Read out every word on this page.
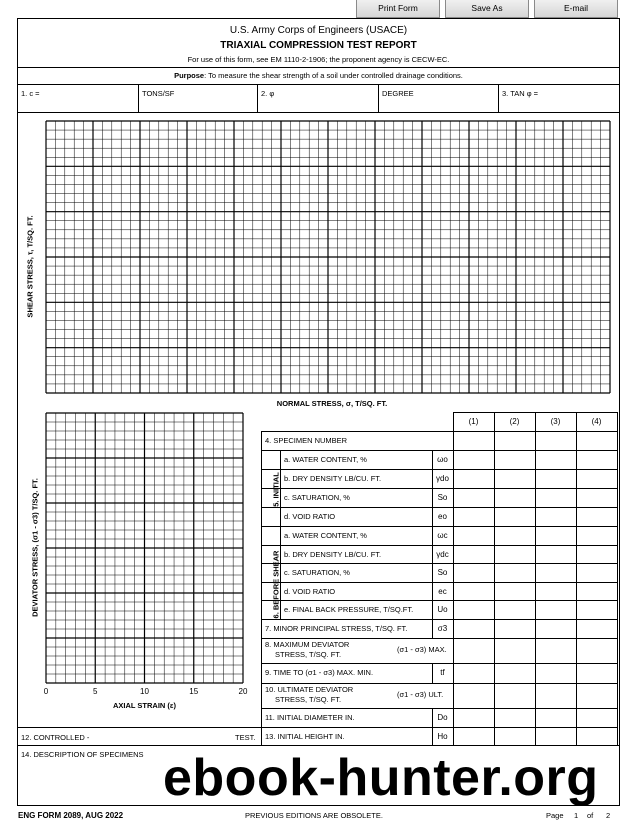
Print Form	Save As	E-mail
U.S. Army Corps of Engineers (USACE)
TRIAXIAL COMPRESSION TEST REPORT
For use of this form, see EM 1110-2-1906; the proponent agency is CECW-EC.
Purpose: To measure the shear strength of a soil under controlled drainage conditions.
1. c =	TONS/SF	2. φ	DEGREE	3. TAN φ =
SHEAR STRESS, τ, T/SQ. FT.
NORMAL STRESS, σ, T/SQ. FT.
DEVIATOR STRESS, (σ1 - σ3) T/SQ. FT.
0	5	10	15	20
AXIAL STRAIN (ε)
(1)	(2)	(3)	(4)
4. SPECIMEN NUMBER
5. INITIAL
6. BEFORE SHEAR
a. WATER CONTENT, %	ωo
b. DRY DENSITY LB/CU. FT.	γdo
c. SATURATION, %	So
d. VOID RATIO	eo
a. WATER CONTENT, %	ωc
b. DRY DENSITY LB/CU. FT.	γdc
c. SATURATION, %	So
d. VOID RATIO	ec
e. FINAL BACK PRESSURE, T/SQ.FT.	Uo
7. MINOR PRINCIPAL STRESS, T/SQ. FT.	σ3
8. MAXIMUM DEVIATOR
STRESS, T/SQ. FT.
(σ1 - σ3) MAX.
9. TIME TO (σ1 - σ3) MAX. MIN.	tf
10. ULTIMATE DEVIATOR
STRESS, T/SQ. FT.
(σ1 - σ3) ULT.
11. INITIAL DIAMETER IN.	Do
13. INITIAL HEIGHT IN.	Ho
12. CONTROLLED -	TEST.
14. DESCRIPTION OF SPECIMENS ebook-hunter.org
ENG FORM 2089, AUG 2022	PREVIOUS EDITIONS ARE OBSOLETE.	Page 1 of 2
